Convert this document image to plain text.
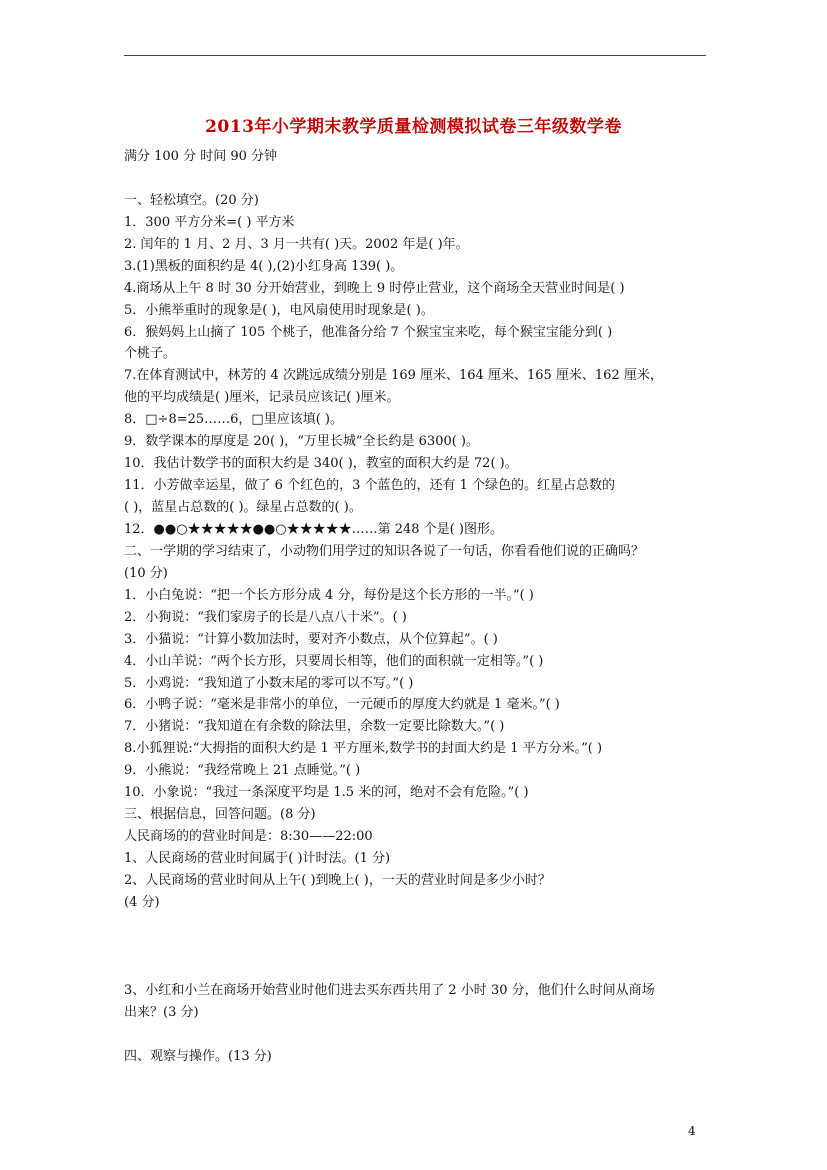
2013年小学期末教学质量检测模拟试卷三年级数学卷
满分 100 分 时间 90 分钟
一、轻松填空。(20 分)
1．300 平方分米=( ) 平方米
2. 闰年的 1 月、2 月、3 月一共有( )天。2002 年是( )年。
3.(1)黑板的面积约是 4( ),(2)小红身高 139( )。
4.商场从上午 8 时 30 分开始营业，到晚上 9 时停止营业，这个商场全天营业时间是( )
5．小熊举重时的现象是( )，电风扇使用时现象是( )。
6．猴妈妈上山摘了 105 个桃子，他准备分给 7 个猴宝宝来吃，每个猴宝宝能分到( )
个桃子。
7.在体育测试中，林芳的 4 次跳远成绩分别是 169 厘米、164 厘米、165 厘米、162 厘米，
他的平均成绩是( )厘米，记录员应该记( )厘米。
8．□÷8=25……6，□里应该填( )。
9．数学课本的厚度是 20( )，“万里长城”全长约是 6300( )。
10．我估计数学书的面积大约是 340( )，教室的面积大约是 72( )。
11．小芳做幸运星，做了 6 个红色的，3 个蓝色的，还有 1 个绿色的。红星占总数的
( )，蓝星占总数的( )。绿星占总数的( )。
12．●●○★★★★★●●○★★★★★……第 248 个是( )图形。
二、一学期的学习结束了，小动物们用学过的知识各说了一句话，你看看他们说的正确吗？
(10 分)
1．小白兔说：“把一个长方形分成 4 分，每份是这个长方形的一半。”( )
2．小狗说：“我们家房子的长是八点八十米”。( )
3．小猫说：“计算小数加法时，要对齐小数点，从个位算起”。( )
4．小山羊说：“两个长方形，只要周长相等，他们的面积就一定相等。”( )
5．小鸡说：“我知道了小数末尾的零可以不写。”( )
6．小鸭子说：“毫米是非常小的单位，一元硬币的厚度大约就是 1 毫米。”( )
7．小猪说：“我知道在有余数的除法里，余数一定要比除数大。”( )
8.小狐狸说:“大拇指的面积大约是 1 平方厘米,数学书的封面大约是 1 平方分米。”( )
9．小熊说：“我经常晚上 21 点睡觉。”( )
10．小象说：“我过一条深度平均是 1.5 米的河，绝对不会有危险。”( )
三、根据信息，回答问题。(8 分)
人民商场的的营业时间是：8:30——22:00
1、人民商场的营业时间属于( )计时法。(1 分)
2、人民商场的营业时间从上午( )到晚上( )，一天的营业时间是多少小时？
(4 分)
3、小红和小兰在商场开始营业时他们进去买东西共用了 2 小时 30 分，他们什么时间从商场
出来？(3 分)
四、观察与操作。(13 分)
4
